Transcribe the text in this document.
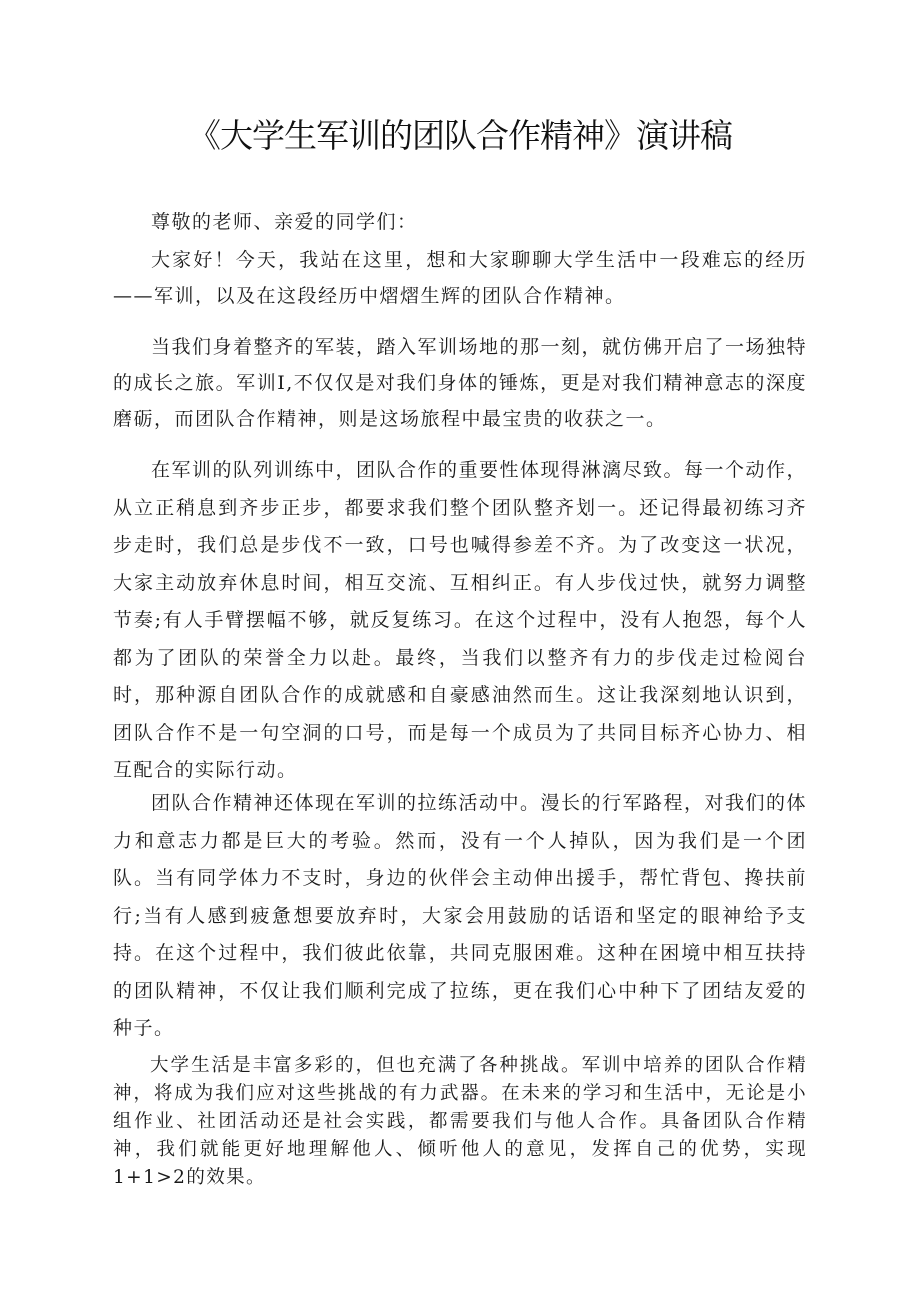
《大学生军训的团队合作精神》演讲稿

尊敬的老师、亲爱的同学们：

大家好！今天，我站在这里，想和大家聊聊大学生活中一段难忘的经历——军训，以及在这段经历中熠熠生辉的团队合作精神。

当我们身着整齐的军装，踏入军训场地的那一刻，就仿佛开启了一场独特的成长之旅。军训I,不仅仅是对我们身体的锤炼，更是对我们精神意志的深度磨砺，而团队合作精神，则是这场旅程中最宝贵的收获之一。

在军训的队列训练中，团队合作的重要性体现得淋漓尽致。每一个动作，从立正稍息到齐步正步，都要求我们整个团队整齐划一。还记得最初练习齐步走时，我们总是步伐不一致，口号也喊得参差不齐。为了改变这一状况，大家主动放弃休息时间，相互交流、互相纠正。有人步伐过快，就努力调整节奏;有人手臂摆幅不够，就反复练习。在这个过程中，没有人抱怨，每个人都为了团队的荣誉全力以赴。最终，当我们以整齐有力的步伐走过检阅台时，那种源自团队合作的成就感和自豪感油然而生。这让我深刻地认识到，团队合作不是一句空洞的口号，而是每一个成员为了共同目标齐心协力、相互配合的实际行动。

团队合作精神还体现在军训的拉练活动中。漫长的行军路程，对我们的体力和意志力都是巨大的考验。然而，没有一个人掉队，因为我们是一个团队。当有同学体力不支时，身边的伙伴会主动伸出援手，帮忙背包、搀扶前行;当有人感到疲惫想要放弃时，大家会用鼓励的话语和坚定的眼神给予支持。在这个过程中，我们彼此依靠，共同克服困难。这种在困境中相互扶持的团队精神，不仅让我们顺利完成了拉练，更在我们心中种下了团结友爱的种子。

大学生活是丰富多彩的，但也充满了各种挑战。军训中培养的团队合作精神，将成为我们应对这些挑战的有力武器。在未来的学习和生活中，无论是小组作业、社团活动还是社会实践，都需要我们与他人合作。具备团队合作精神，我们就能更好地理解他人、倾听他人的意见，发挥自己的优势，实现1+1>2的效果。
